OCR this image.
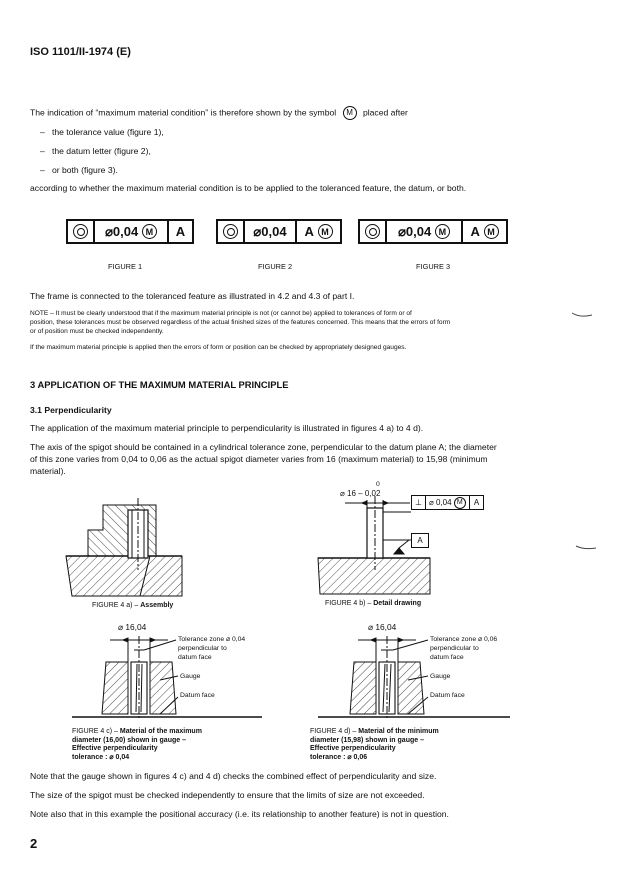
ISO 1101/II-1974 (E)
The indication of “maximum material condition” is therefore shown by the symbol M placed after
– the tolerance value (figure 1),
– the datum letter (figure 2),
– or both (figure 3).
according to whether the maximum material condition is to be applied to the toleranced feature, the datum, or both.
⌀0,04
M	A
FIGURE 1
⌀0,04	A
M
FIGURE 2
⌀0,04
M A
M
FIGURE 3
The frame is connected to the toleranced feature as illustrated in 4.2 and 4.3 of part I.
NOTE – It must be clearly understood that if the maximum material principle is not (or cannot be) applied to tolerances of form or of
position, these tolerances must be observed regardless of the actual finished sizes of the features concerned. This means that the errors of form
or of position must be checked independently.
If the maximum material principle is applied then the errors of form or position can be checked by appropriately designed gauges.
3 APPLICATION OF THE MAXIMUM MATERIAL PRINCIPLE
3.1 Perpendicularity
The application of the maximum material principle to perpendicularity is illustrated in figures 4 a) to 4 d).
The axis of the spigot should be contained in a cylindrical tolerance zone, perpendicular to the datum plane A; the diameter
of this zone varies from 0,04 to 0,06 as the actual spigot diameter varies from 16 (maximum material) to 15,98 (minimum
material).
0
⌀ 16 – 0,02
⊥ ⌀ 0,04 M	A
A
⌀ 16,04
Tolerance zone ⌀ 0,04
perpendicular to
datum face
Gauge
Datum face
⌀ 16,04
Tolerance zone ⌀ 0,06
perpendicular to
datum face
Gauge
Datum face
FIGURE 4 a) – Assembly	FIGURE 4 b) – Detail drawing
FIGURE 4 c) – Material of the maximum
diameter (16,00) shown in gauge –
Effective perpendicularity
tolerance : ⌀ 0,04
FIGURE 4 d) – Material of the minimum
diameter (15,98) shown in gauge –
Effective perpendicularity
tolerance : ⌀ 0,06
Note that the gauge shown in figures 4 c) and 4 d) checks the combined effect of perpendicularity and size.
The size of the spigot must be checked independently to ensure that the limits of size are not exceeded.
Note also that in this example the positional accuracy (i.e. its relationship to another feature) is not in question.
2
